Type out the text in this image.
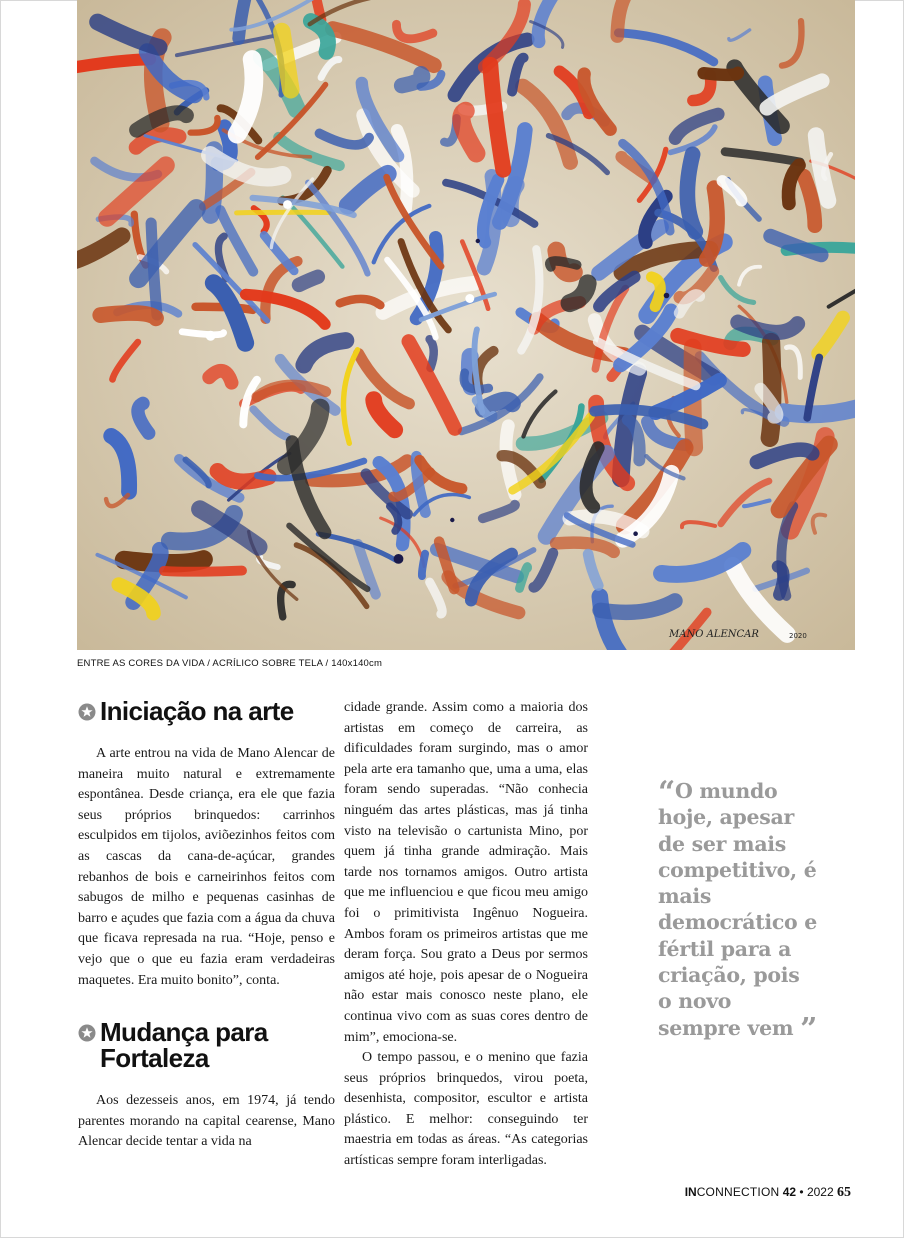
MANO ALENCAR	2020
ENTRE AS CORES DA VIDA / ACRÍLICO SOBRE TELA / 140x140cm
Iniciação na arte

A arte entrou na vida de Mano Alencar de maneira muito natural e extremamente espontânea. Desde criança, era ele que fazia seus próprios brinquedos: carrinhos esculpidos em tijolos, aviõezinhos feitos com as cascas da cana-de-açúcar, grandes rebanhos de bois e carneirinhos feitos com sabugos de milho e pequenas casinhas de barro e açudes que fazia com a água da chuva que ficava represada na rua. “Hoje, penso e vejo que o que eu fazia eram verdadeiras maquetes. Era muito bonito”, conta.

Mudança para Fortaleza

Aos dezesseis anos, em 1974, já tendo parentes morando na capital cearense, Mano Alencar decide tentar a vida na

cidade grande. Assim como a maioria dos artistas em começo de carreira, as dificuldades foram surgindo, mas o amor pela arte era tamanho que, uma a uma, elas foram sendo superadas. “Não conhecia ninguém das artes plásticas, mas já tinha visto na televisão o cartunista Mino, por quem já tinha grande admiração. Mais tarde nos tornamos amigos. Outro artista que me influenciou e que ficou meu amigo foi o primitivista Ingênuo Nogueira. Ambos foram os primeiros artistas que me deram força. Sou grato a Deus por sermos amigos até hoje, pois apesar de o Nogueira não estar mais conosco neste plano, ele continua vivo com as suas cores dentro de mim”, emociona-se.

O tempo passou, e o menino que fazia seus próprios brinquedos, virou poeta, desenhista, compositor, escultor e artista plástico. E melhor: conseguindo ter maestria em todas as áreas. “As categorias artísticas sempre foram interligadas.

“O mundo hoje, apesar de ser mais competitivo, é mais democrático e fértil para a criação, pois o novo sempre vem ”
INCONNECTION 42 • 2022 65
